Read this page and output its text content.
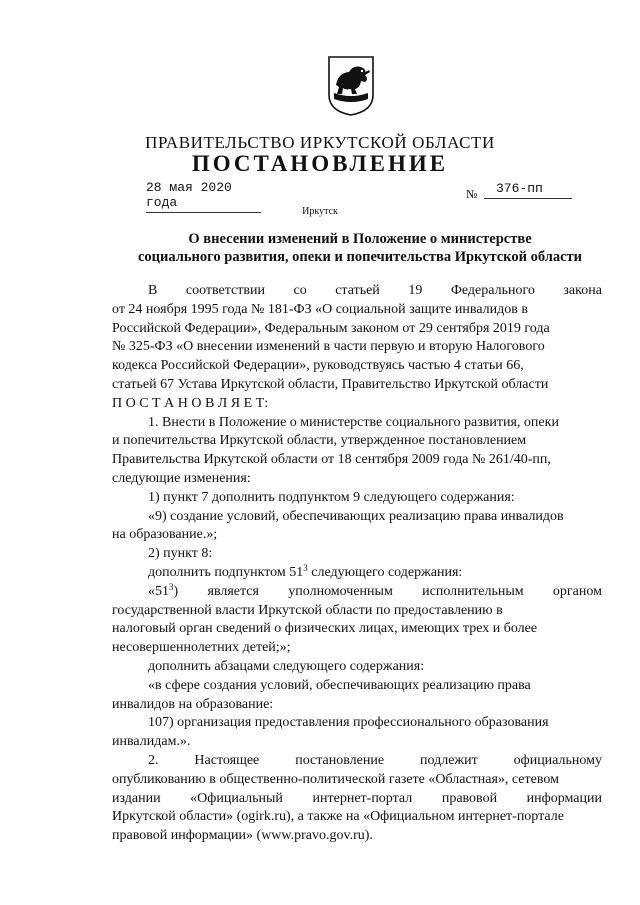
ПРАВИТЕЛЬСТВО ИРКУТСКОЙ ОБЛАСТИ
ПОСТАНОВЛЕНИЕ
28 мая 2020 года
№	376-пп
Иркутск
О внесении изменений в Положение о министерстве
социального развития, опеки и попечительства Иркутской области
В соответствии со статьей 19 Федерального закона
от 24 ноября 1995 года № 181-ФЗ «О социальной защите инвалидов в
Российской Федерации», Федеральным законом от 29 сентября 2019 года
№ 325-ФЗ «О внесении изменений в части первую и вторую Налогового
кодекса Российской Федерации», руководствуясь частью 4 статьи 66,
статьей 67 Устава Иркутской области, Правительство Иркутской области
П О С Т А Н О В Л Я Е Т:
1. Внести в Положение о министерстве социального развития, опеки
и попечительства Иркутской области, утвержденное постановлением
Правительства Иркутской области от 18 сентября 2009 года № 261/40-пп,
следующие изменения:
1) пункт 7 дополнить подпунктом 9 следующего содержания:
«9) создание условий, обеспечивающих реализацию права инвалидов
на образование.»;
2) пункт 8:
дополнить подпунктом $51^3$ следующего содержания:
«$51^3$) является уполномоченным исполнительным органом
государственной власти Иркутской области по предоставлению в
налоговый орган сведений о физических лицах, имеющих трех и более
несовершеннолетних детей;»;
дополнить абзацами следующего содержания:
«в сфере создания условий, обеспечивающих реализацию права
инвалидов на образование:
107) организация предоставления профессионального образования
инвалидам.».
2.	Настоящее	постановление	подлежит	официальному
опубликованию в общественно-политической газете «Областная», сетевом
издании «Официальный интернет-портал правовой информации
Иркутской области» (ogirk.ru), а также на «Официальном интернет-портале
правовой информации» (www.pravo.gov.ru).
